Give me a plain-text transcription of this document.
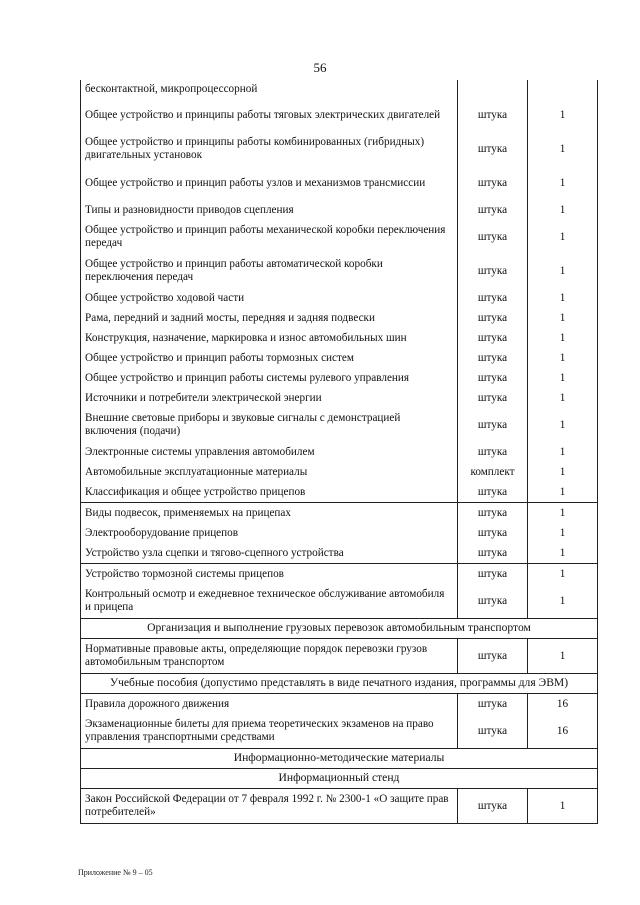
56
бесконтактной, микропроцессорной		
Общее устройство и принципы работы тяговых электрических двигателей	штука	1
Общее устройство и принципы работы комбинированных (гибридных) двигательных установок	штука	1
Общее устройство и принцип работы узлов и механизмов трансмиссии	штука	1
Типы и разновидности приводов сцепления	штука	1
Общее устройство и принцип работы механической коробки переключения передач	штука	1
Общее устройство и принцип работы автоматической коробки переключения передач	штука	1
Общее устройство ходовой части	штука	1
Рама, передний и задний мосты, передняя и задняя подвески	штука	1
Конструкция, назначение, маркировка и износ автомобильных шин	штука	1
Общее устройство и принцип работы тормозных систем	штука	1
Общее устройство и принцип работы системы рулевого управления	штука	1
Источники и потребители электрической энергии	штука	1
Внешние световые приборы и звуковые сигналы с демонстрацией включения (подачи)	штука	1
Электронные системы управления автомобилем	штука	1
Автомобильные эксплуатационные материалы	комплект	1
Классификация и общее устройство прицепов	штука	1
Виды подвесок, применяемых на прицепах	штука	1
Электрооборудование прицепов	штука	1
Устройство узла сцепки и тягово-сцепного устройства	штука	1
Устройство тормозной системы прицепов	штука	1
Контрольный осмотр и ежедневное техническое обслуживание автомобиля и прицепа	штука	1
Организация и выполнение грузовых перевозок автомобильным транспортом		
Нормативные правовые акты, определяющие порядок перевозки грузов автомобильным транспортом	штука	1
Учебные пособия (допустимо представлять в виде печатного издания, программы для ЭВМ)		
Правила дорожного движения	штука	16
Экзаменационные билеты для приема теоретических экзаменов на право управления транспортными средствами	штука	16
Информационно-методические материалы		
Информационный стенд		
Закон Российской Федерации от 7 февраля 1992 г. № 2300-1 «О защите прав потребителей»	штука	1
Приложение № 9 – 05
